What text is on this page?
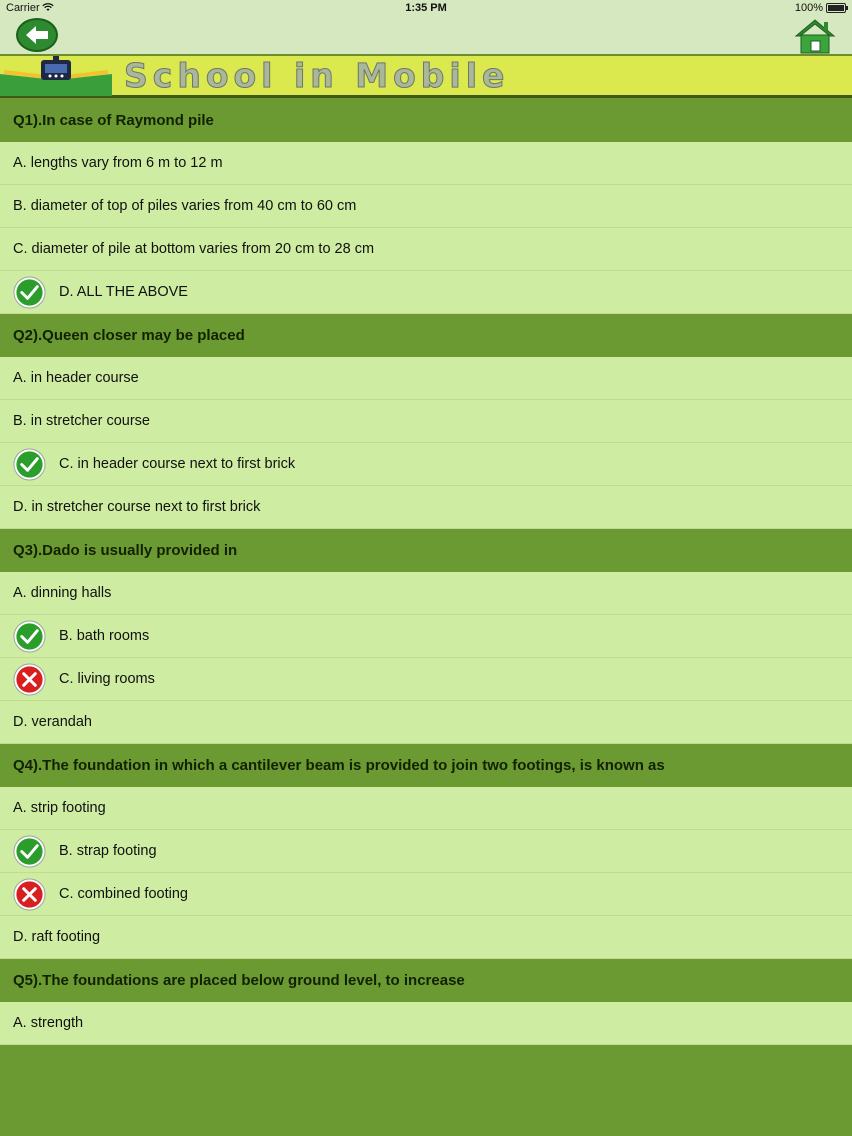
Carrier	1:35 PM	100%
School in Mobile
Q1).In case of Raymond pile
A. lengths vary from 6 m to 12 m
B. diameter of top of piles varies from 40 cm to 60 cm
C. diameter of pile at bottom varies from 20 cm to 28 cm
D. ALL THE ABOVE
Q2).Queen closer may be placed
A. in header course
B. in stretcher course
C. in header course next to first brick
D. in stretcher course next to first brick
Q3).Dado is usually provided in
A. dinning halls
B. bath rooms
C. living rooms
D. verandah
Q4).The foundation in which a cantilever beam is provided to join two footings, is known as
A. strip footing
B. strap footing
C. combined footing
D. raft footing
Q5).The foundations are placed below ground level, to increase
A. strength
